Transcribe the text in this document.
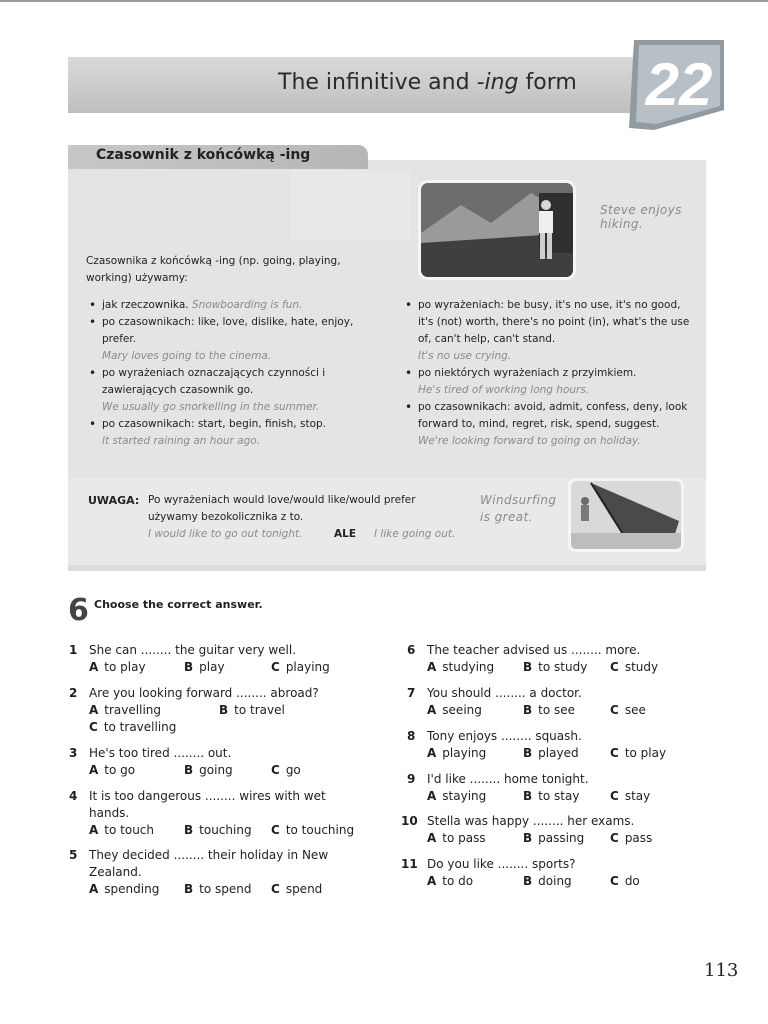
The infinitive and -ing form 22
Czasownik z końcówką -ing
Steve enjoys hiking.
Czasownika z końcówką -ing (np. going, playing, working) używamy:
• jak rzeczownika. Snowboarding is fun.
• po czasownikach: like, love, dislike, hate, enjoy, prefer.
Mary loves going to the cinema.
• po wyrażeniach oznaczających czynności i zawierających czasownik go.
We usually go snorkelling in the summer.
• po czasownikach: start, begin, finish, stop.
It started raining an hour ago.
• po wyrażeniach: be busy, it's no use, it's no good, it's (not) worth, there's no point (in), what's the use of, can't help, can't stand.
It's no use crying.
• po niektórych wyrażeniach z przyimkiem.
He's tired of working long hours.
• po czasownikach: avoid, admit, confess, deny, look forward to, mind, regret, risk, spend, suggest.
We're looking forward to going on holiday.
UWAGA: Po wyrażeniach would love/would like/would prefer
używamy bezokolicznika z to.
I would like to go out tonight.	ALE I like going out.
Windsurfing is great.
6 Choose the correct answer.
1 She can ........ the guitar very well.
A to play	B play	C playing
2 Are you looking forward ........ abroad?
A travelling	B to travel
C to travelling
3 He's too tired ........ out.
A to go	B going	C go
4 It is too dangerous ........ wires with wet
hands.
A to touch B touching C to touching
5 They decided ........ their holiday in New
Zealand.
A spending B to spend C spend
6 The teacher advised us ........ more.
A studying B to study C study
7 You should ........ a doctor.
A seeing	B to see	C see
8 Tony enjoys ........ squash.
A playing	B played	C to play
9 I'd like ........ home tonight.
A staying	B to stay	C stay
10 Stella was happy ........ her exams.
A to pass	B passing C pass
11 Do you like ........ sports?
A to do	B doing	C do
113
